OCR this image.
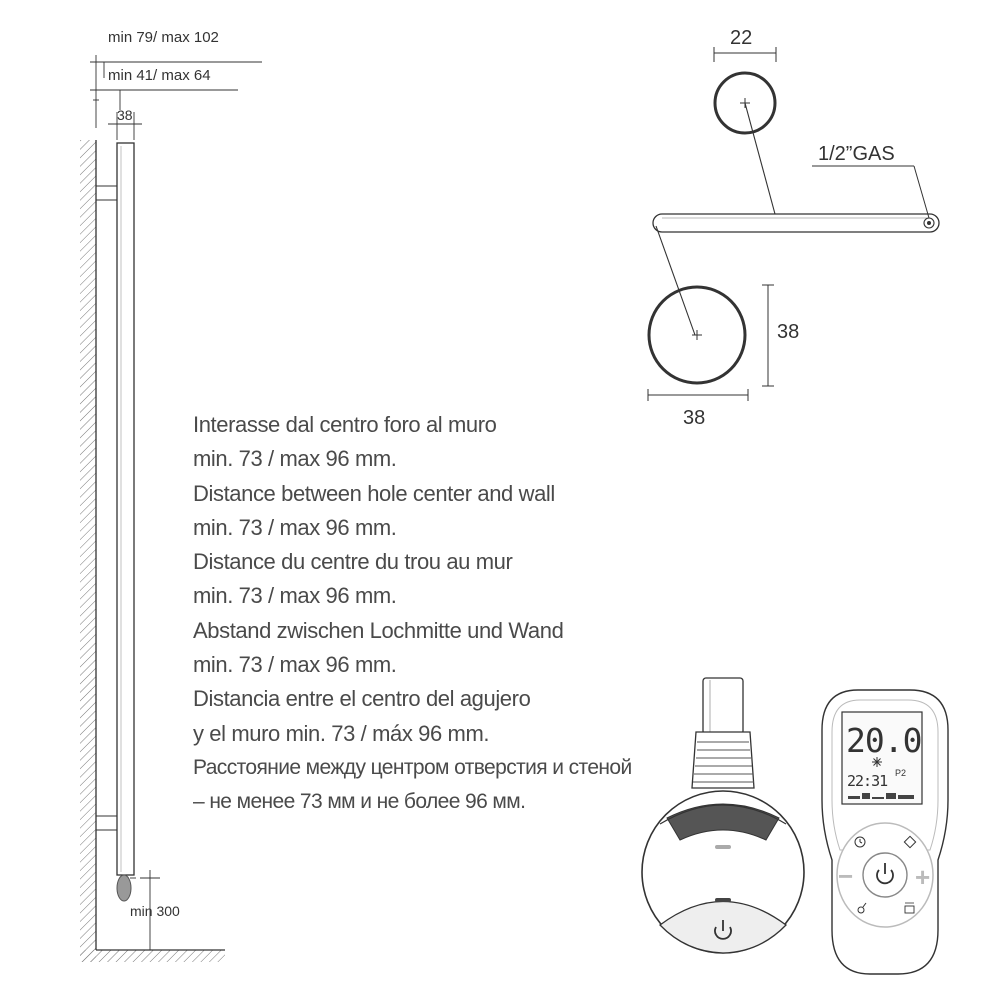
min 79/ max 102
min 41/ max 64
38
min 300
22
1/2”GAS
38
38
20.0
22:31 P2
− +
Interasse dal centro foro al muro
min. 73 / max 96 mm.
Distance between hole center and wall
min. 73 / max 96 mm.
Distance du centre du trou au mur
min. 73 / max 96 mm.
Abstand zwischen Lochmitte und Wand
min. 73 / max 96 mm.
Distancia entre el centro del agujero
y el muro min. 73 / máx 96 mm.
Расстояние между центром отверстия и стеной
– не менее 73 мм и не более 96 мм.
